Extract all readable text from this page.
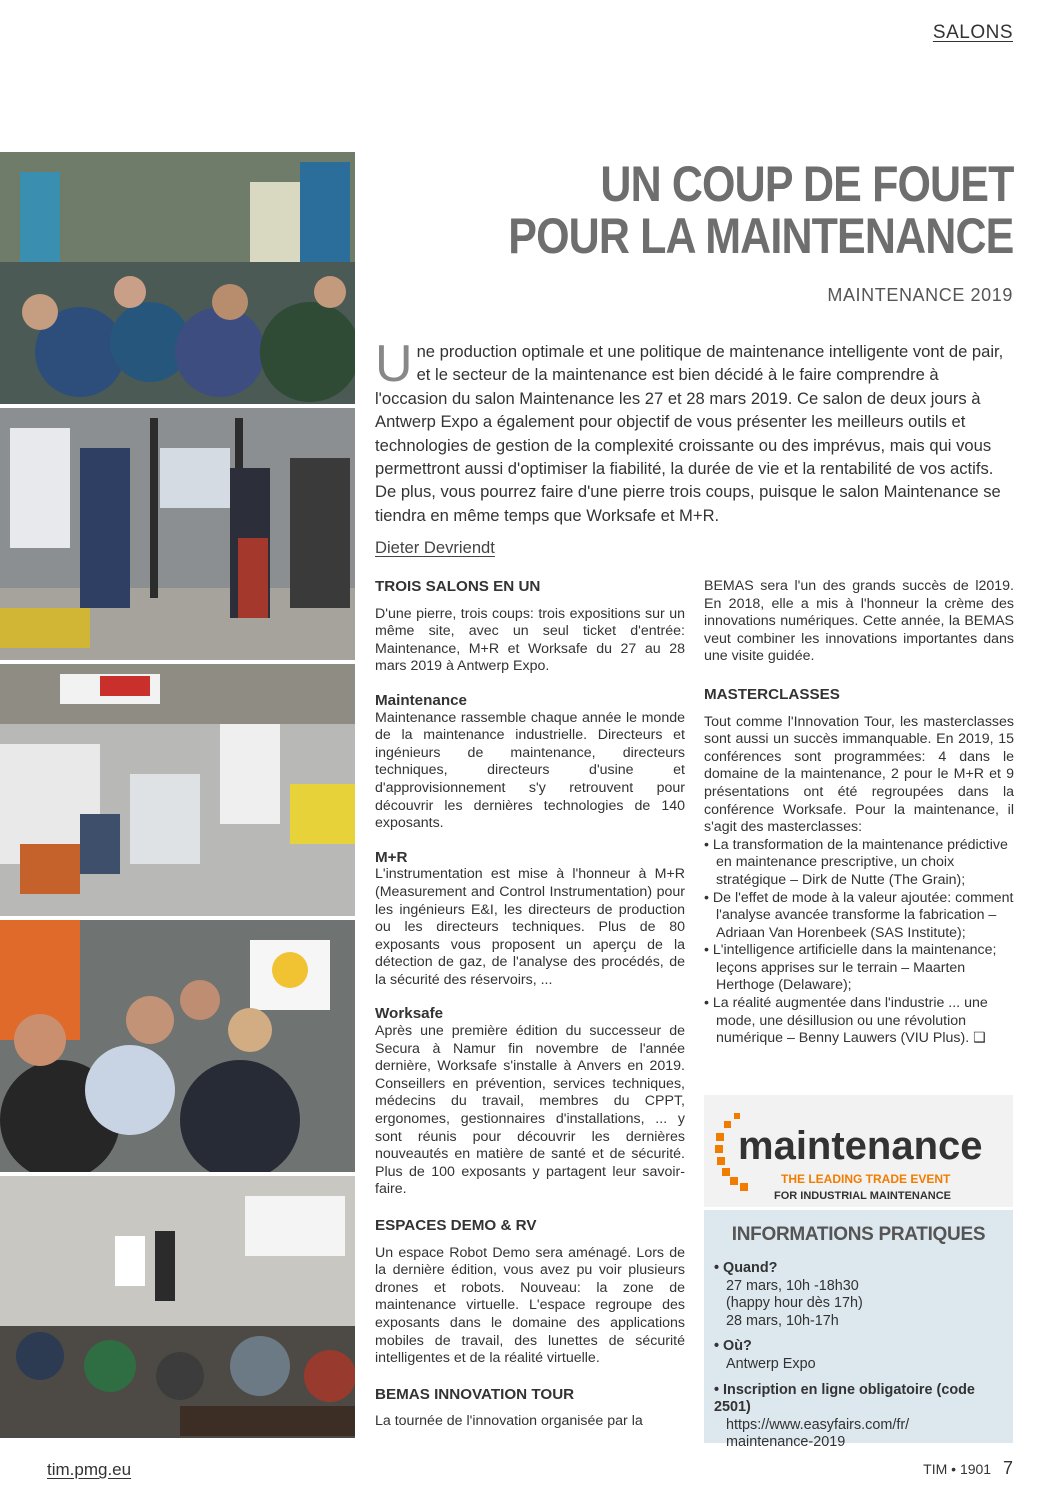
SALONS
UN COUP DE FOUET
POUR LA MAINTENANCE
MAINTENANCE 2019
Une production optimale et une politique de maintenance intelligente vont de pair, et le secteur de la maintenance est bien décidé à le faire comprendre à l'occasion du salon Maintenance les 27 et 28 mars 2019. Ce salon de deux jours à Antwerp Expo a également pour objectif de vous présenter les meilleurs outils et technologies de gestion de la complexité croissante ou des imprévus, mais qui vous permettront aussi d'optimiser la fiabilité, la durée de vie et la rentabilité de vos actifs. De plus, vous pourrez faire d'une pierre trois coups, puisque le salon Maintenance se tiendra en même temps que Worksafe et M+R.
Dieter Devriendt
TROIS SALONS EN UN
D'une pierre, trois coups: trois expositions sur un même site, avec un seul ticket d'entrée: Maintenance, M+R et Worksafe du 27 au 28 mars 2019 à Antwerp Expo.
Maintenance
Maintenance rassemble chaque année le monde de la maintenance industrielle. Directeurs et ingénieurs de maintenance, directeurs techniques, directeurs d'usine et d'approvisionnement s'y retrouvent pour découvrir les dernières technologies de 140 exposants.
M+R
L'instrumentation est mise à l'honneur à M+R (Measurement and Control Instrumentation) pour les ingénieurs E&I, les directeurs de production ou les directeurs techniques. Plus de 80 exposants vous proposent un aperçu de la détection de gaz, de l'analyse des procédés, de la sécurité des réservoirs, ...
Worksafe
Après une première édition du successeur de Secura à Namur fin novembre de l'année dernière, Worksafe s'installe à Anvers en 2019. Conseillers en prévention, services techniques, médecins du travail, membres du CPPT, ergonomes, gestionnaires d'installations, ... y sont réunis pour découvrir les dernières nouveautés en matière de santé et de sécurité. Plus de 100 exposants y partagent leur savoir-faire.
ESPACES DEMO & RV
Un espace Robot Demo sera aménagé. Lors de la dernière édition, vous avez pu voir plusieurs drones et robots. Nouveau: la zone de maintenance virtuelle. L'espace regroupe des exposants dans le domaine des applications mobiles de travail, des lunettes de sécurité intelligentes et de la réalité virtuelle.
BEMAS INNOVATION TOUR
La tournée de l'innovation organisée par la
BEMAS sera l'un des grands succès de l2019. En 2018, elle a mis à l'honneur la crème des innovations numériques. Cette année, la BEMAS veut combiner les innovations importantes dans une visite guidée.
MASTERCLASSES
Tout comme l'Innovation Tour, les masterclasses sont aussi un succès immanquable. En 2019, 15 conférences sont programmées: 4 dans le domaine de la maintenance, 2 pour le M+R et 9 présentations ont été regroupées dans la conférence Worksafe. Pour la maintenance, il s'agit des masterclasses:
• La transformation de la maintenance prédictive en maintenance prescriptive, un choix stratégique – Dirk de Nutte (The Grain);
• De l'effet de mode à la valeur ajoutée: comment l'analyse avancée transforme la fabrication – Adriaan Van Horenbeek (SAS Institute);
• L'intelligence artificielle dans la maintenance; leçons apprises sur le terrain – Maarten Herthoge (Delaware);
• La réalité augmentée dans l'industrie ... une mode, une désillusion ou une révolution numérique – Benny Lauwers (VIU Plus). ❑
maintenance
THE LEADING TRADE EVENT
FOR INDUSTRIAL MAINTENANCE
INFORMATIONS PRATIQUES
• Quand?
27 mars, 10h -18h30
(happy hour dès 17h)
28 mars, 10h-17h
• Où?
Antwerp Expo
• Inscription en ligne obligatoire (code 2501)
https://www.easyfairs.com/fr/
maintenance-2019
tim.pmg.eu	TIM • 1901 7
